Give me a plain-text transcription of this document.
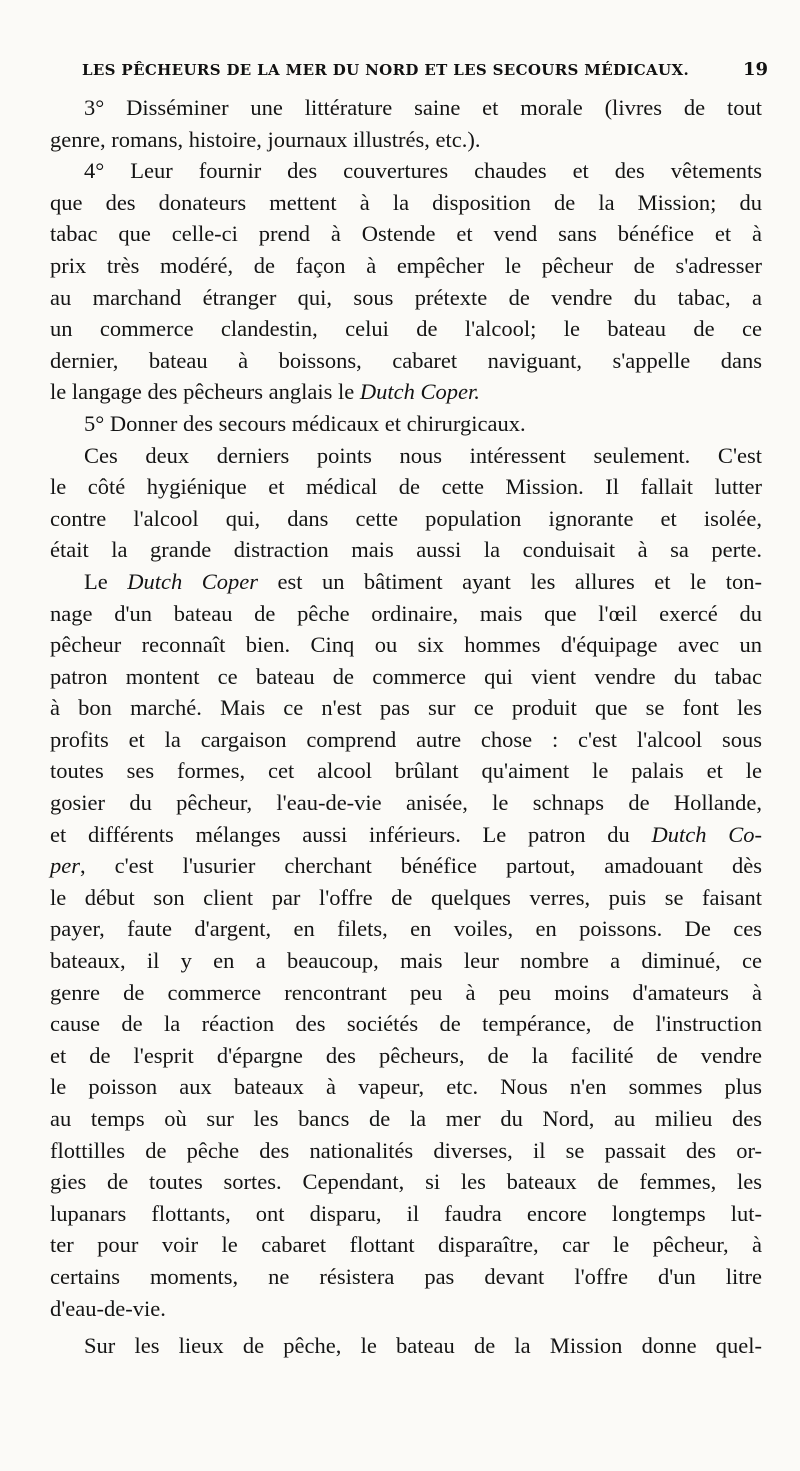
LES PÊCHEURS DE LA MER DU NORD ET LES SECOURS MÉDICAUX.	19
3° Disséminer une littérature saine et morale (livres de tout
genre, romans, histoire, journaux illustrés, etc.).
4° Leur fournir des couvertures chaudes et des vêtements
que des donateurs mettent à la disposition de la Mission; du
tabac que celle-ci prend à Ostende et vend sans bénéfice et à
prix très modéré, de façon à empêcher le pêcheur de s'adresser
au marchand étranger qui, sous prétexte de vendre du tabac, a
un commerce clandestin, celui de l'alcool; le bateau de ce
dernier, bateau à boissons, cabaret naviguant, s'appelle dans
le langage des pêcheurs anglais le Dutch Coper.
5° Donner des secours médicaux et chirurgicaux.
Ces deux derniers points nous intéressent seulement. C'est
le côté hygiénique et médical de cette Mission. Il fallait lutter
contre l'alcool qui, dans cette population ignorante et isolée,
était la grande distraction mais aussi la conduisait à sa perte.
Le Dutch Coper est un bâtiment ayant les allures et le ton-
nage d'un bateau de pêche ordinaire, mais que l'œil exercé du
pêcheur reconnaît bien. Cinq ou six hommes d'équipage avec un
patron montent ce bateau de commerce qui vient vendre du tabac
à bon marché. Mais ce n'est pas sur ce produit que se font les
profits et la cargaison comprend autre chose : c'est l'alcool sous
toutes ses formes, cet alcool brûlant qu'aiment le palais et le
gosier du pêcheur, l'eau-de-vie anisée, le schnaps de Hollande,
et différents mélanges aussi inférieurs. Le patron du Dutch Co-
per, c'est l'usurier cherchant bénéfice partout, amadouant dès
le début son client par l'offre de quelques verres, puis se faisant
payer, faute d'argent, en filets, en voiles, en poissons. De ces
bateaux, il y en a beaucoup, mais leur nombre a diminué, ce
genre de commerce rencontrant peu à peu moins d'amateurs à
cause de la réaction des sociétés de tempérance, de l'instruction
et de l'esprit d'épargne des pêcheurs, de la facilité de vendre
le poisson aux bateaux à vapeur, etc. Nous n'en sommes plus
au temps où sur les bancs de la mer du Nord, au milieu des
flottilles de pêche des nationalités diverses, il se passait des or-
gies de toutes sortes. Cependant, si les bateaux de femmes, les
lupanars flottants, ont disparu, il faudra encore longtemps lut-
ter pour voir le cabaret flottant disparaître, car le pêcheur, à
certains moments, ne résistera pas devant l'offre d'un litre
d'eau-de-vie.
Sur les lieux de pêche, le bateau de la Mission donne quel-
